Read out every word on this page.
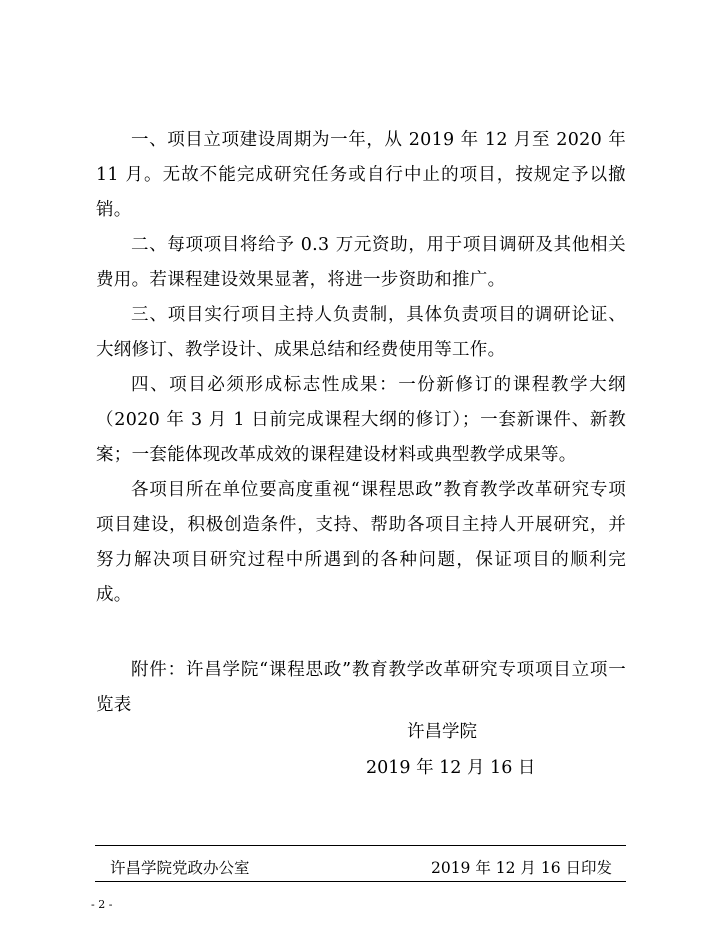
一、项目立项建设周期为一年，从 2019 年 12 月至 2020 年 11 月。无故不能完成研究任务或自行中止的项目，按规定予以撤销。

二、每项项目将给予 0.3 万元资助，用于项目调研及其他相关费用。若课程建设效果显著，将进一步资助和推广。

三、项目实行项目主持人负责制，具体负责项目的调研论证、大纲修订、教学设计、成果总结和经费使用等工作。

四、项目必须形成标志性成果：一份新修订的课程教学大纲（2020 年 3 月 1 日前完成课程大纲的修订）；一套新课件、新教案；一套能体现改革成效的课程建设材料或典型教学成果等。

各项目所在单位要高度重视“课程思政”教育教学改革研究专项项目建设，积极创造条件，支持、帮助各项目主持人开展研究，并努力解决项目研究过程中所遇到的各种问题，保证项目的顺利完成。

附件：许昌学院“课程思政”教育教学改革研究专项项目立项一览表

许昌学院
2019 年 12 月 16 日
许昌学院党政办公室	2019 年 12 月 16 日印发
- 2 -
